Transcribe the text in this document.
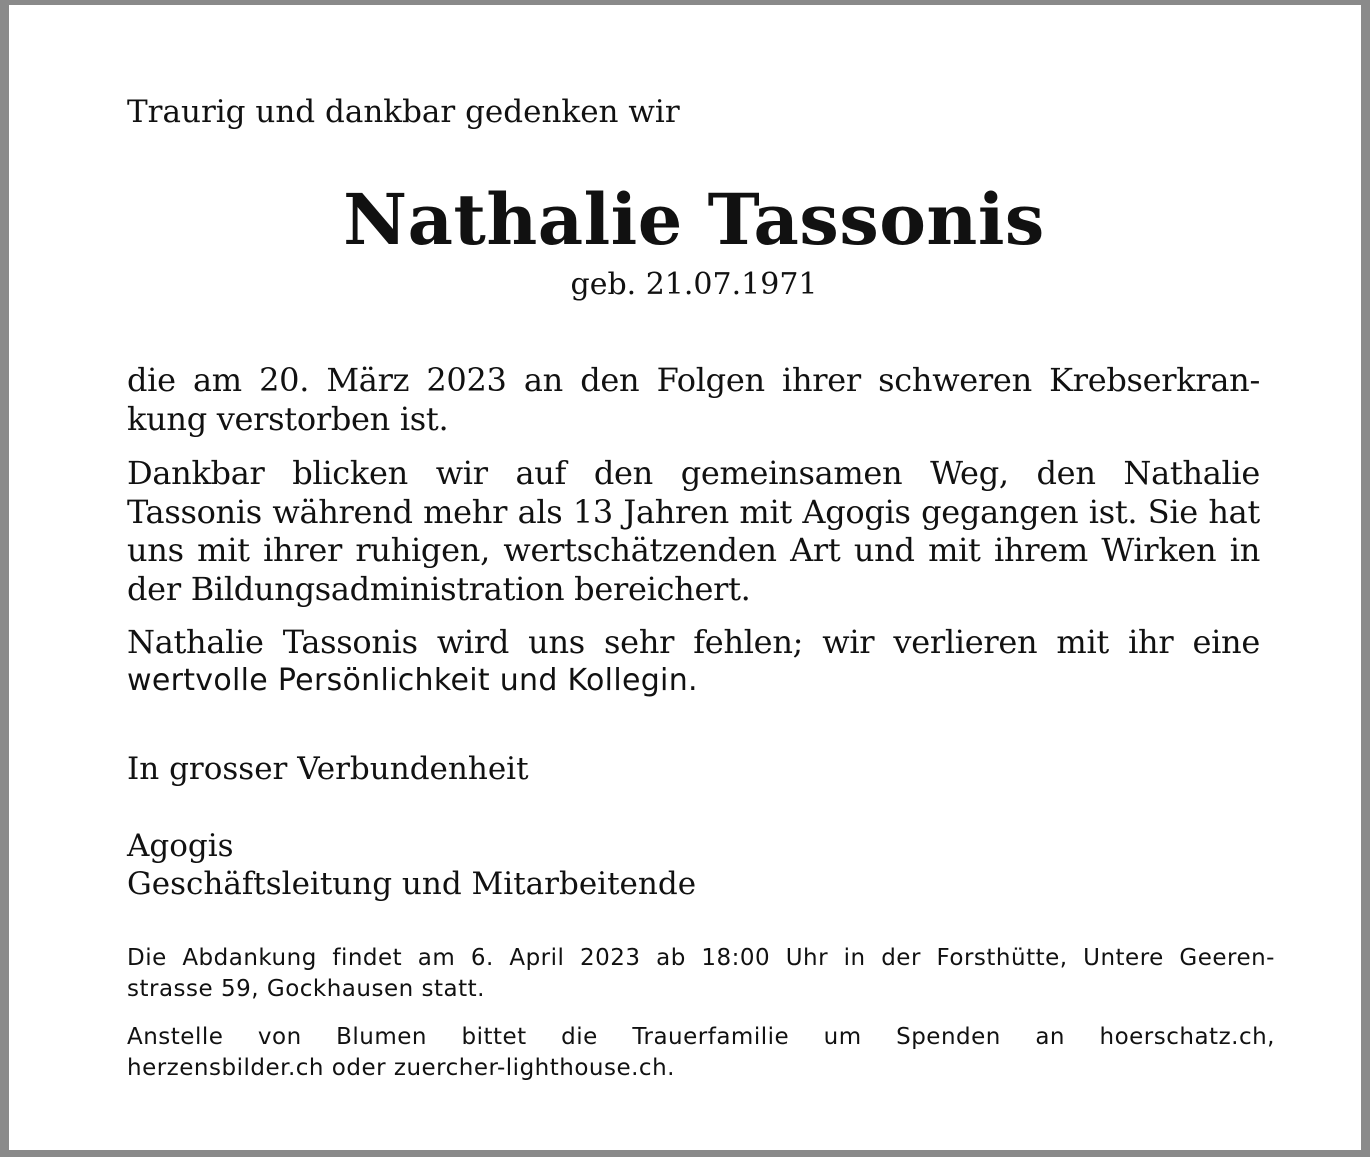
Traurig und dankbar gedenken wir
Nathalie Tassonis
geb. 21.07.1971
die am 20. März 2023 an den Folgen ihrer schweren Krebserkran-
kung verstorben ist.
Dankbar blicken wir auf den gemeinsamen Weg, den Nathalie Tassonis während mehr als 13 Jahren mit Agogis gegangen ist. Sie hat uns mit ihrer ruhigen, wertschätzenden Art und mit ihrem Wirken in der Bildungsadministration bereichert.
Nathalie Tassonis wird uns sehr fehlen; wir verlieren mit ihr eine
wertvolle Persönlichkeit und Kollegin.
In grosser Verbundenheit
Agogis
Geschäftsleitung und Mitarbeitende
Die Abdankung findet am 6. April 2023 ab 18:00 Uhr in der Forsthütte, Untere Geeren-
strasse 59, Gockhausen statt.
Anstelle von Blumen bittet die Trauerfamilie um Spenden an hoerschatz.ch,
herzensbilder.ch oder zuercher-lighthouse.ch.
